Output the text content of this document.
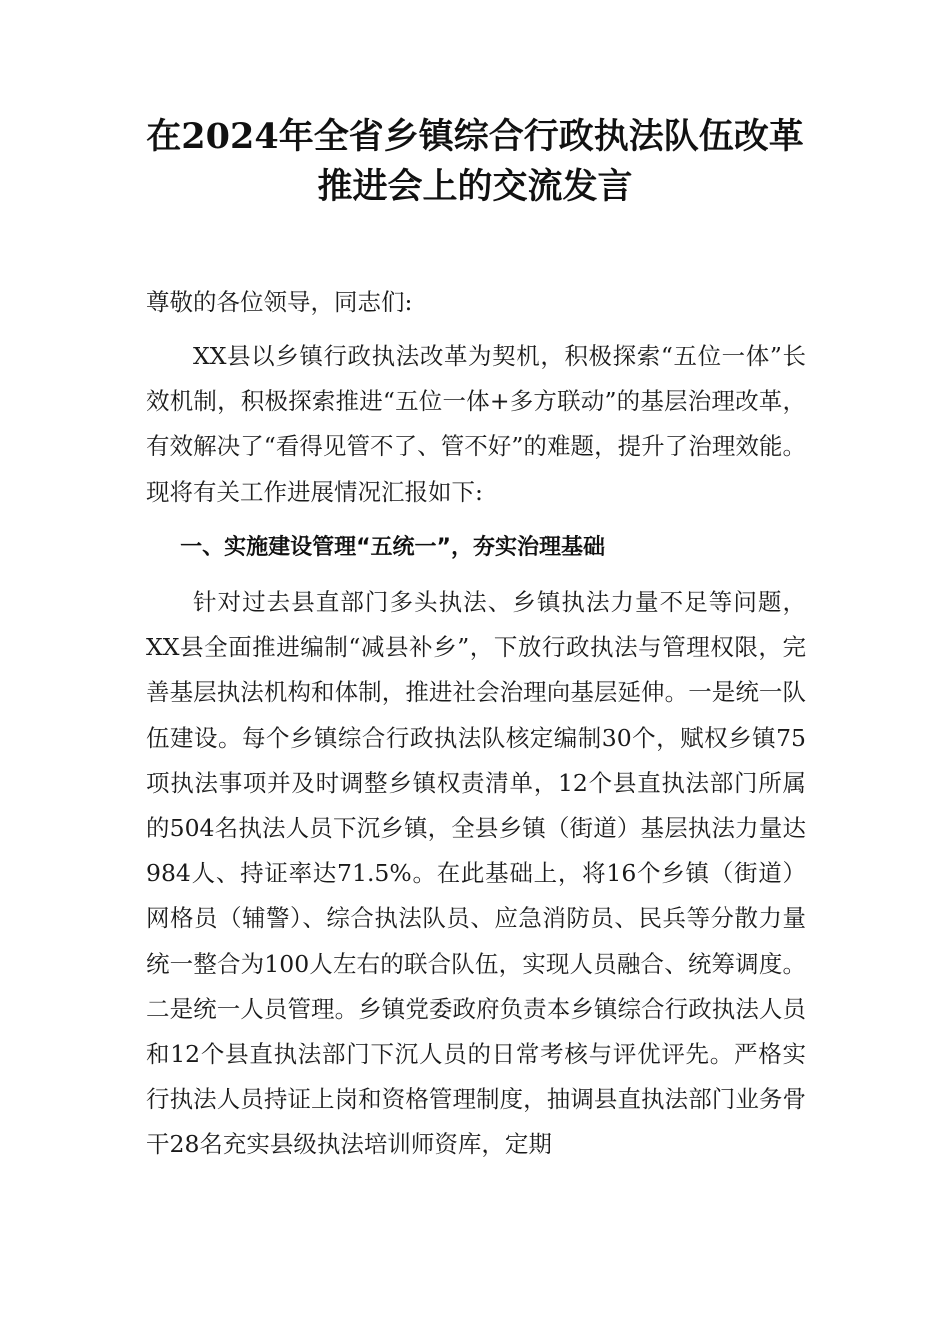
在2024年全省乡镇综合行政执法队伍改革
推进会上的交流发言

尊敬的各位领导，同志们:

XX县以乡镇行政执法改革为契机，积极探索“五位一体”长效机制，积极探索推进“五位一体+多方联动”的基层治理改革，有效解决了“看得见管不了、管不好”的难题，提升了治理效能。现将有关工作进展情况汇报如下:

一、实施建设管理“五统一”，夯实治理基础

针对过去县直部门多头执法、乡镇执法力量不足等问题，XX县全面推进编制“减县补乡”，下放行政执法与管理权限，完善基层执法机构和体制，推进社会治理向基层延伸。一是统一队伍建设。每个乡镇综合行政执法队核定编制30个，赋权乡镇75项执法事项并及时调整乡镇权责清单，12个县直执法部门所属的504名执法人员下沉乡镇，全县乡镇（街道）基层执法力量达984人、持证率达71.5%。在此基础上，将16个乡镇（街道）网格员（辅警）、综合执法队员、应急消防员、民兵等分散力量统一整合为100人左右的联合队伍，实现人员融合、统筹调度。二是统一人员管理。乡镇党委政府负责本乡镇综合行政执法人员和12个县直执法部门下沉人员的日常考核与评优评先。严格实行执法人员持证上岗和资格管理制度，抽调县直执法部门业务骨干28名充实县级执法培训师资库，定期
